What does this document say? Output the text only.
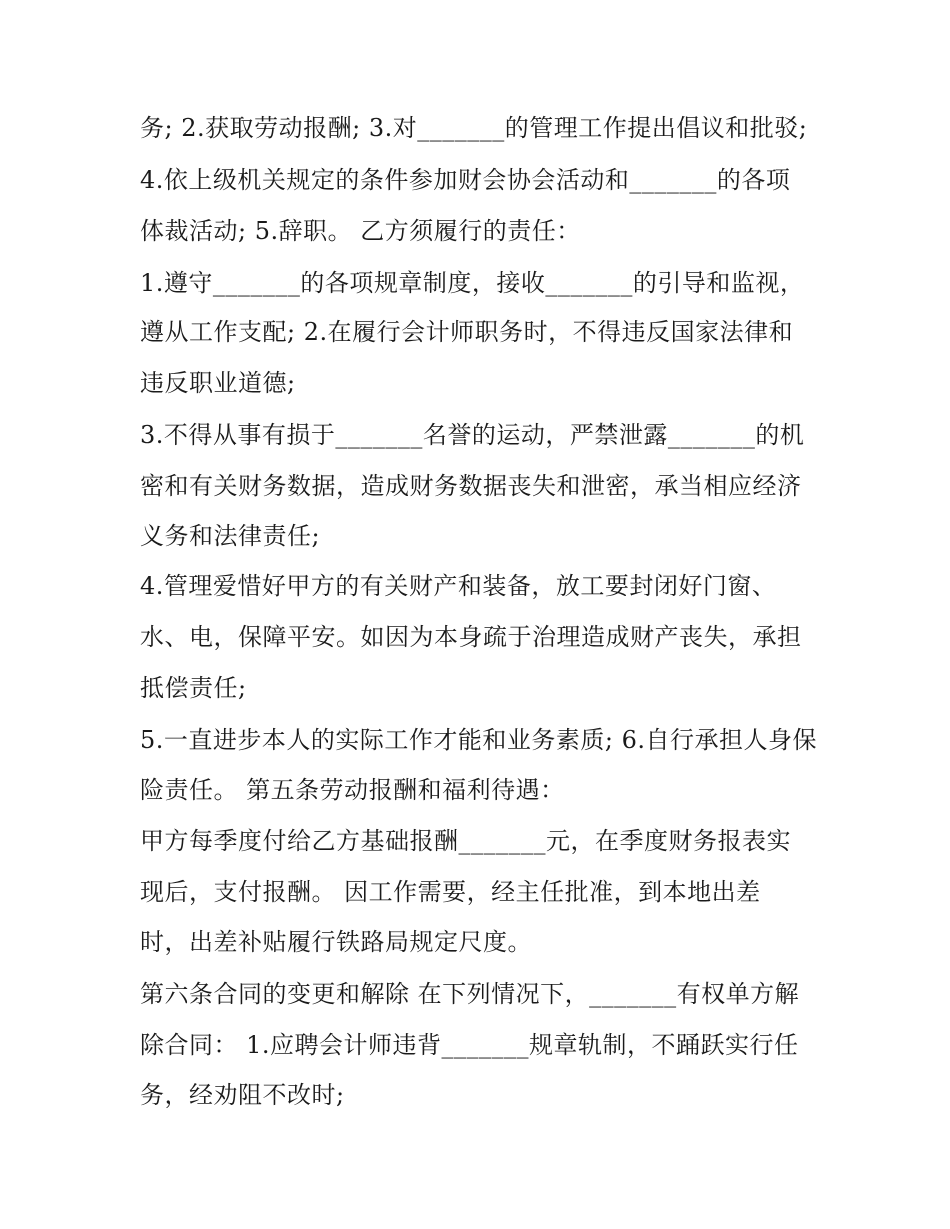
务; 2.获取劳动报酬; 3.对_______的管理工作提出倡议和批驳;
4.依上级机关规定的条件参加财会协会活动和_______的各项
体裁活动; 5.辞职。 乙方须履行的责任：
1.遵守_______的各项规章制度，接收_______的引导和监视，
遵从工作支配; 2.在履行会计师职务时，不得违反国家法律和
违反职业道德;
3.不得从事有损于_______名誉的运动，严禁泄露_______的机
密和有关财务数据，造成财务数据丧失和泄密，承当相应经济
义务和法律责任;
4.管理爱惜好甲方的有关财产和装备，放工要封闭好门窗、
水、电，保障平安。如因为本身疏于治理造成财产丧失，承担
抵偿责任;
5.一直进步本人的实际工作才能和业务素质; 6.自行承担人身保
险责任。 第五条劳动报酬和福利待遇：
甲方每季度付给乙方基础报酬_______元，在季度财务报表实
现后，支付报酬。 因工作需要，经主任批准，到本地出差
时，出差补贴履行铁路局规定尺度。
第六条合同的变更和解除 在下列情况下，_______有权单方解
除合同： 1.应聘会计师违背_______规章轨制，不踊跃实行任
务，经劝阻不改时;
